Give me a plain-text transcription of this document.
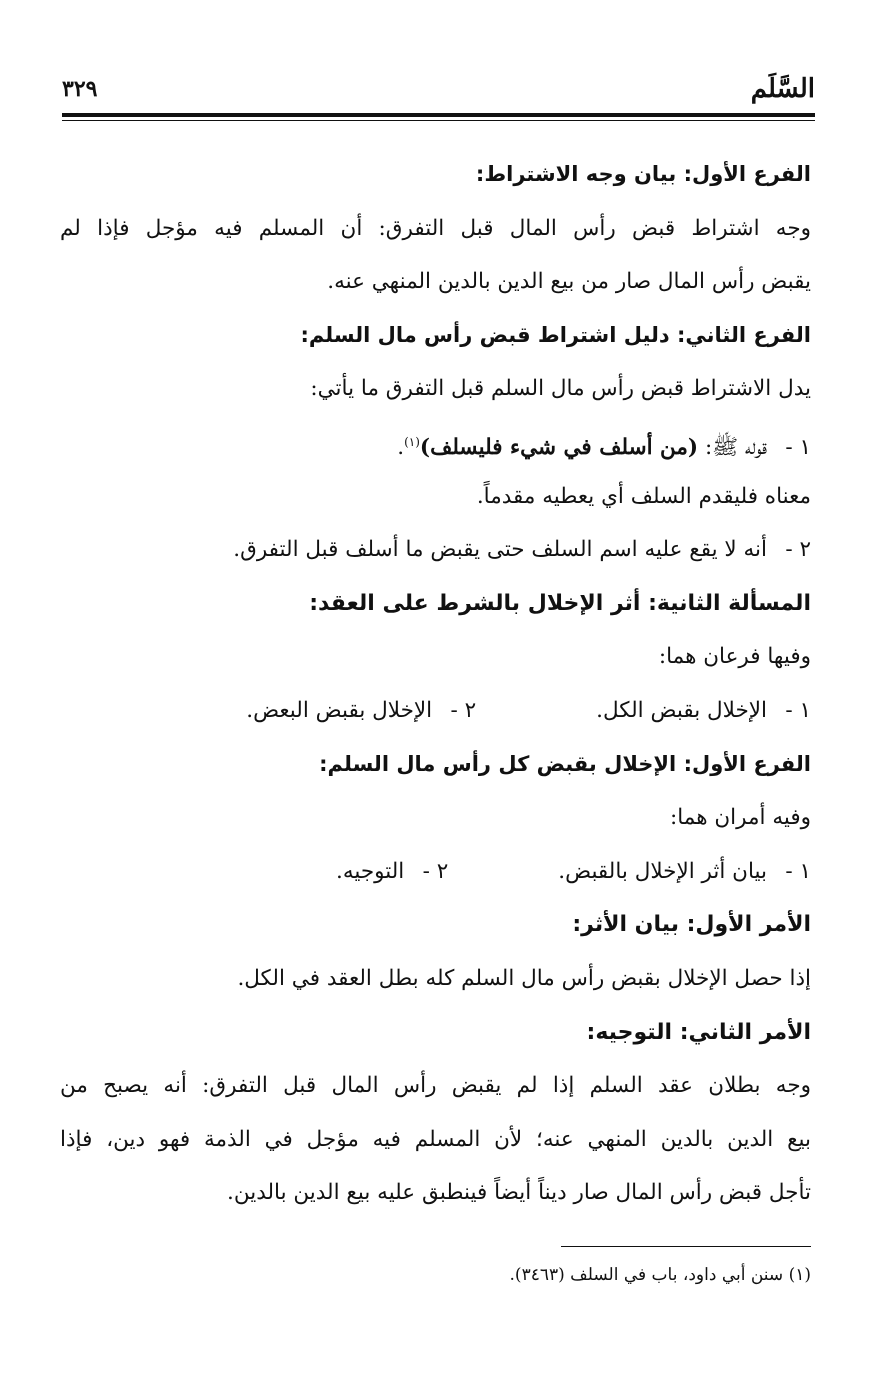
السَّلَم
٣٢٩
الفرع الأول: بيان وجه الاشتراط:
وجه اشتراط قبض رأس المال قبل التفرق: أن المسلم فيه مؤجل فإذا لم
يقبض رأس المال صار من بيع الدين بالدين المنهي عنه.
الفرع الثاني: دليل اشتراط قبض رأس مال السلم:
يدل الاشتراط قبض رأس مال السلم قبل التفرق ما يأتي:
١ -قوله ﷺ: (من أسلف في شيء فليسلف)$^{(١)}$.
معناه فليقدم السلف أي يعطيه مقدماً.
٢ -أنه لا يقع عليه اسم السلف حتى يقبض ما أسلف قبل التفرق.
المسألة الثانية: أثر الإخلال بالشرط على العقد:
وفيها فرعان هما:
١ -الإخلال بقبض الكل.٢ -الإخلال بقبض البعض.
الفرع الأول: الإخلال بقبض كل رأس مال السلم:
وفيه أمران هما:
١ -بيان أثر الإخلال بالقبض.٢ -التوجيه.
الأمر الأول: بيان الأثر:
إذا حصل الإخلال بقبض رأس مال السلم كله بطل العقد في الكل.
الأمر الثاني: التوجيه:
وجه بطلان عقد السلم إذا لم يقبض رأس المال قبل التفرق: أنه يصبح من
بيع الدين بالدين المنهي عنه؛ لأن المسلم فيه مؤجل في الذمة فهو دين، فإذا
تأجل قبض رأس المال صار ديناً أيضاً فينطبق عليه بيع الدين بالدين.
(١) سنن أبي داود، باب في السلف (٣٤٦٣).
